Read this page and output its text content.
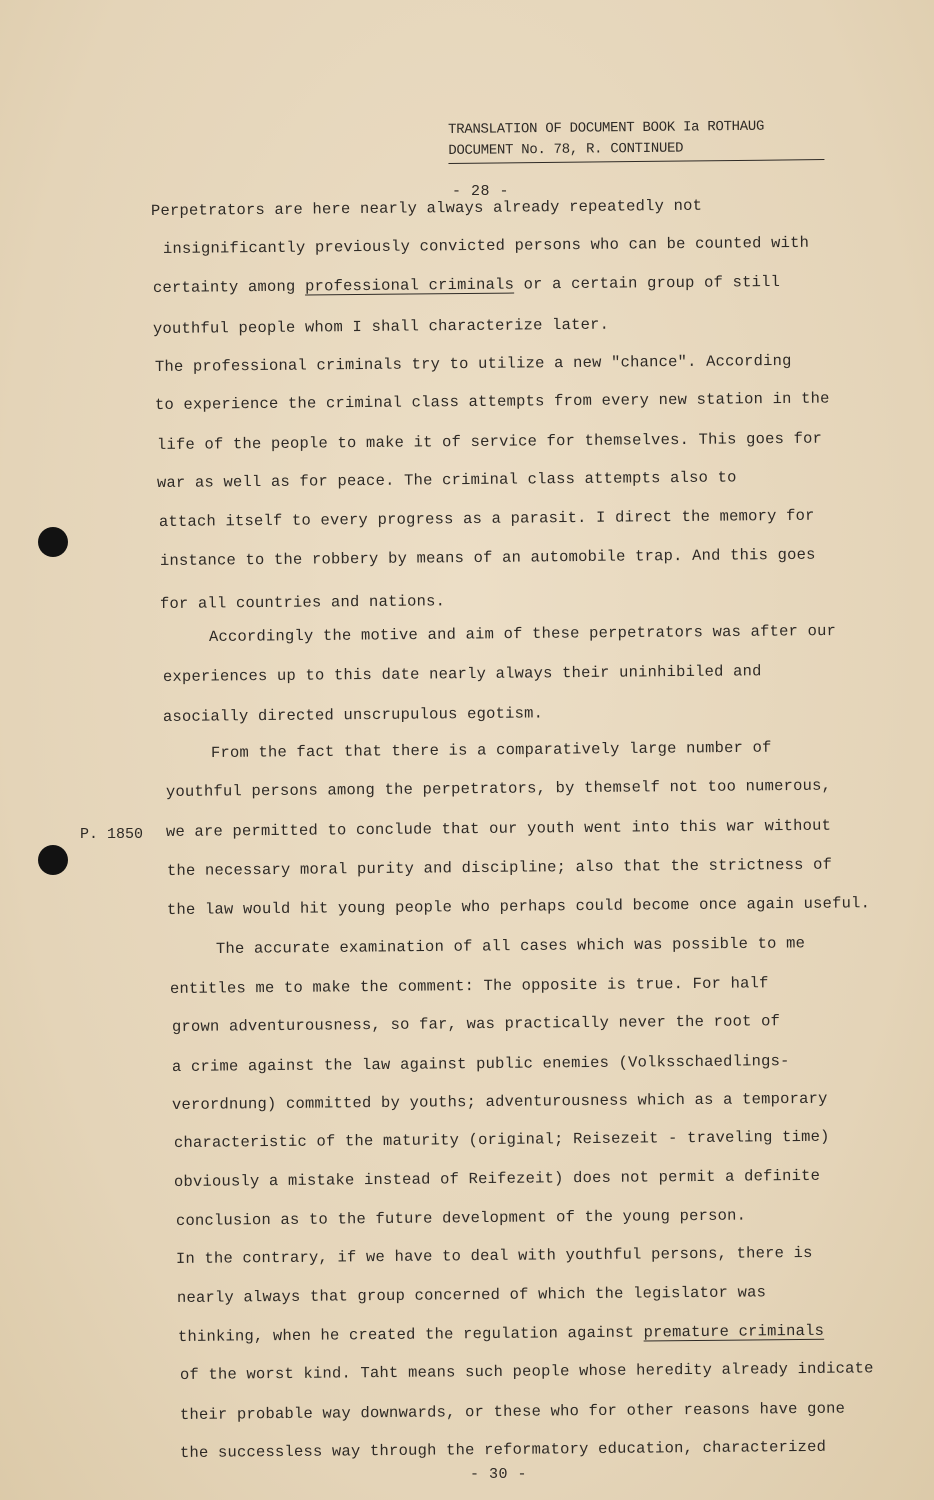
TRANSLATION OF DOCUMENT BOOK Ia ROTHAUG
DOCUMENT No. 78, R. CONTINUED
- 28 -
P. 1850
Perpetrators are here nearly always already repeatedly not
insignificantly previously convicted persons who can be counted with
certainty among professional criminals or a certain group of still
youthful people whom I shall characterize later.
The professional criminals try to utilize a new "chance". According
to experience the criminal class attempts from every new station in the
life of the people to make it of service for themselves. This goes for
war as well as for peace. The criminal class attempts also to
attach itself to every progress as a parasit. I direct the memory for
instance to the robbery by means of an automobile trap. And this goes
for all countries and nations.
Accordingly the motive and aim of these perpetrators was after our
experiences up to this date nearly always their uninhibiled and
asocially directed unscrupulous egotism.
From the fact that there is a comparatively large number of
youthful persons among the perpetrators, by themself not too numerous,
we are permitted to conclude that our youth went into this war without
the necessary moral purity and discipline; also that the strictness of
the law would hit young people who perhaps could become once again useful.
The accurate examination of all cases which was possible to me
entitles me to make the comment: The opposite is true. For half
grown adventurousness, so far, was practically never the root of
a crime against the law against public enemies (Volksschaedlings-
verordnung) committed by youths; adventurousness which as a temporary
characteristic of the maturity (original; Reisezeit - traveling time)
obviously a mistake instead of Reifezeit) does not permit a definite
conclusion as to the future development of the young person.
In the contrary, if we have to deal with youthful persons, there is
nearly always that group concerned of which the legislator was
thinking, when he created the regulation against premature criminals
of the worst kind. Taht means such people whose heredity already indicate
their probable way downwards, or these who for other reasons have gone
the successless way through the reformatory education, characterized
- 30 -
